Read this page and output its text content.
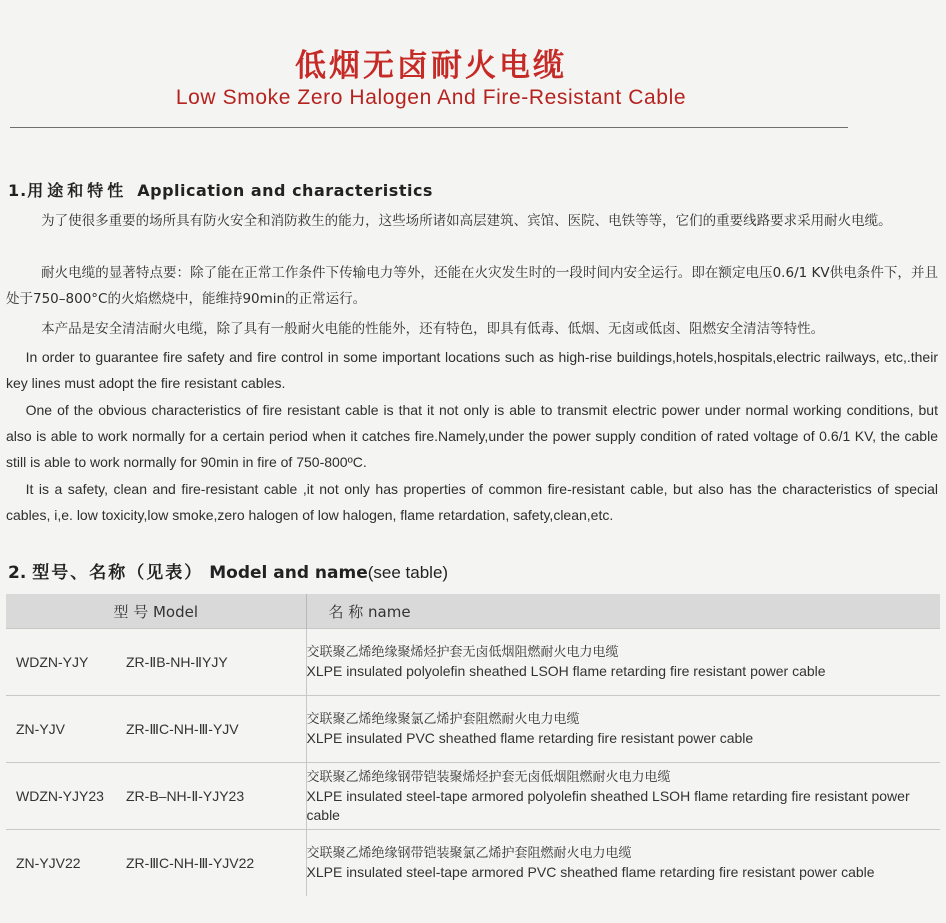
低烟无卤耐火电缆
Low Smoke Zero Halogen And Fire-Resistant Cable
1.用途和特性 Application and characteristics

为了使很多重要的场所具有防火安全和消防救生的能力，这些场所诸如高层建筑、宾馆、医院、电铁等等，它们的重要线路要求采用耐火电缆。

耐火电缆的显著特点要：除了能在正常工作条件下传输电力等外，还能在火灾发生时的一段时间内安全运行。即在额定电压0.6/1 KV供电条件下，并且处于750–800°C的火焰燃烧中，能维持90min的正常运行。

本产品是安全清洁耐火电缆，除了具有一般耐火电能的性能外，还有特色，即具有低毒、低烟、无卤或低卤、阻燃安全清洁等特性。

In order to guarantee fire safety and fire control in some important locations such as high-rise buildings,hotels,hospitals,electric railways, etc,.their key lines must adopt the fire resistant cables.

One of the obvious characteristics of fire resistant cable is that it not only is able to transmit electric power under normal working conditions, but also is able to work normally for a certain period when it catches fire.Namely,under the power supply condition of rated voltage of 0.6/1 KV, the cable still is able to work normally for 90min in fire of 750-800ºC.

It is a safety, clean and fire-resistant cable ,it not only has properties of common fire-resistant cable, but also has the characteristics of special cables, i,e. low toxicity,low smoke,zero halogen of low halogen, flame retardation, safety,clean,etc.

2. 型号、名称（见表） Model and name(see table)
型 号 Model	名 称 name
WDZN-YJY ZR-ⅡB-NH-ⅡYJY	交联聚乙烯绝缘聚烯烃护套无卤低烟阻燃耐火电力电缆
XLPE insulated polyolefin sheathed LSOH flame retarding fire resistant power cable

ZN-YJV ZR-ⅢC-NH-Ⅲ-YJV	交联聚乙烯绝缘聚氯乙烯护套阻燃耐火电力电缆
XLPE insulated PVC sheathed flame retarding fire resistant power cable

WDZN-YJY23 ZR-B–NH-Ⅱ-YJY23	交联聚乙烯绝缘钢带铠装聚烯烃护套无卤低烟阻燃耐火电力电缆
XLPE insulated steel-tape armored polyolefin sheathed LSOH flame retarding fire resistant power cable

ZN-YJV22 ZR-ⅢC-NH-Ⅲ-YJV22	交联聚乙烯绝缘钢带铠装聚氯乙烯护套阻燃耐火电力电缆
XLPE insulated steel-tape armored PVC sheathed flame retarding fire resistant power cable
